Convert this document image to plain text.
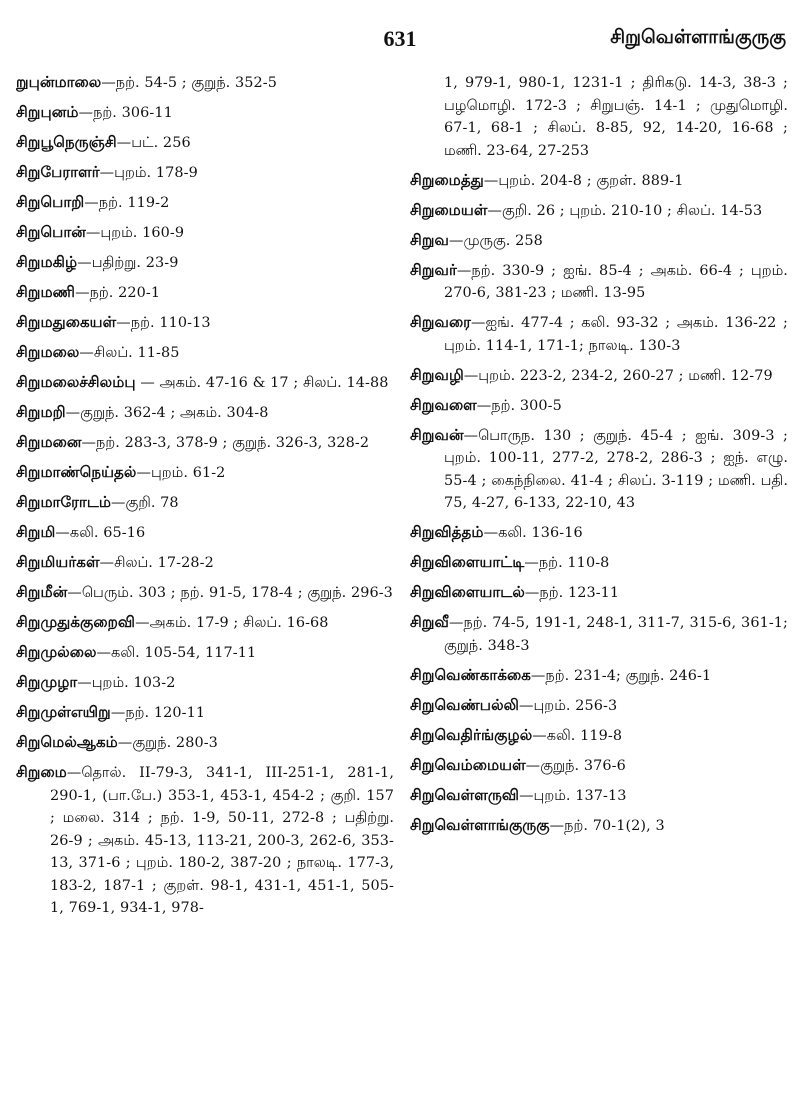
631	சிறுவெள்ளாங்குருகு
றுபுன்மாலை—நற். 54-5 ; குறுந். 352-5
சிறுபுனம்—நற். 306-11
சிறுபூநெருஞ்சி—பட். 256
சிறுபேராளர்—புறம். 178-9
சிறுபொறி—நற். 119-2
சிறுபொன்—புறம். 160-9
சிறுமகிழ்—பதிற்று. 23-9
சிறுமணி—நற். 220-1
சிறுமதுகையள்—நற். 110-13
சிறுமலை—சிலப். 11-85
சிறுமலைச்சிலம்பு — அகம். 47-16 & 17 ; சிலப். 14-88
சிறுமறி—குறுந். 362-4 ; அகம். 304-8
சிறுமனை—நற். 283-3, 378-9 ; குறுந். 326-3, 328-2
சிறுமாண்நெய்தல்—புறம். 61-2
சிறுமாரோடம்—குறி. 78
சிறுமி—கலி. 65-16
சிறுமியர்கள்—சிலப். 17-28-2
சிறுமீன்—பெரும். 303 ; நற். 91-5, 178-4 ; குறுந். 296-3
சிறுமுதுக்குறைவி—அகம். 17-9 ; சிலப். 16-68
சிறுமுல்லை—கலி. 105-54, 117-11
சிறுமுழா—புறம். 103-2
சிறுமுள்எயிறு—நற். 120-11
சிறுமெல்ஆகம்—குறுந். 280-3
சிறுமை—தொல். II-79-3, 341-1, III-251-1, 281-1, 290-1, (பா.பே.) 353-1, 453-1, 454-2 ; குறி. 157 ; மலை. 314 ; நற். 1-9, 50-11, 272-8 ; பதிற்று. 26-9 ; அகம். 45-13, 113-21, 200-3, 262-6, 353-13, 371-6 ; புறம். 180-2, 387-20 ; நாலடி. 177-3, 183-2, 187-1 ; குறள். 98-1, 431-1, 451-1, 505-1, 769-1, 934-1, 978-
1, 979-1, 980-1, 1231-1 ; திரிகடு. 14-3, 38-3 ; பழமொழி. 172-3 ; சிறுபஞ். 14-1 ; முதுமொழி. 67-1, 68-1 ; சிலப். 8-85, 92, 14-20, 16-68 ; மணி. 23-64, 27-253
சிறுமைத்து—புறம். 204-8 ; குறள். 889-1
சிறுமையள்—குறி. 26 ; புறம். 210-10 ; சிலப். 14-53
சிறுவ—முருகு. 258
சிறுவர்—நற். 330-9 ; ஐங். 85-4 ; அகம். 66-4 ; புறம். 270-6, 381-23 ; மணி. 13-95
சிறுவரை—ஐங். 477-4 ; கலி. 93-32 ; அகம். 136-22 ; புறம். 114-1, 171-1; நாலடி. 130-3
சிறுவழி—புறம். 223-2, 234-2, 260-27 ; மணி. 12-79
சிறுவளை—நற். 300-5
சிறுவன்—பொருந. 130 ; குறுந். 45-4 ; ஐங். 309-3 ; புறம். 100-11, 277-2, 278-2, 286-3 ; ஐந். எழு. 55-4 ; கைந்நிலை. 41-4 ; சிலப். 3-119 ; மணி. பதி. 75, 4-27, 6-133, 22-10, 43
சிறுவித்தம்—கலி. 136-16
சிறுவிளையாட்டி—நற். 110-8
சிறுவிளையாடல்—நற். 123-11
சிறுவீ—நற். 74-5, 191-1, 248-1, 311-7, 315-6, 361-1; குறுந். 348-3
சிறுவெண்காக்கை—நற். 231-4; குறுந். 246-1
சிறுவெண்பல்லி—புறம். 256-3
சிறுவெதிர்ங்குழல்—கலி. 119-8
சிறுவெம்மையள்—குறுந். 376-6
சிறுவெள்ளருவி—புறம். 137-13
சிறுவெள்ளாங்குருகு—நற். 70-1(2), 3
